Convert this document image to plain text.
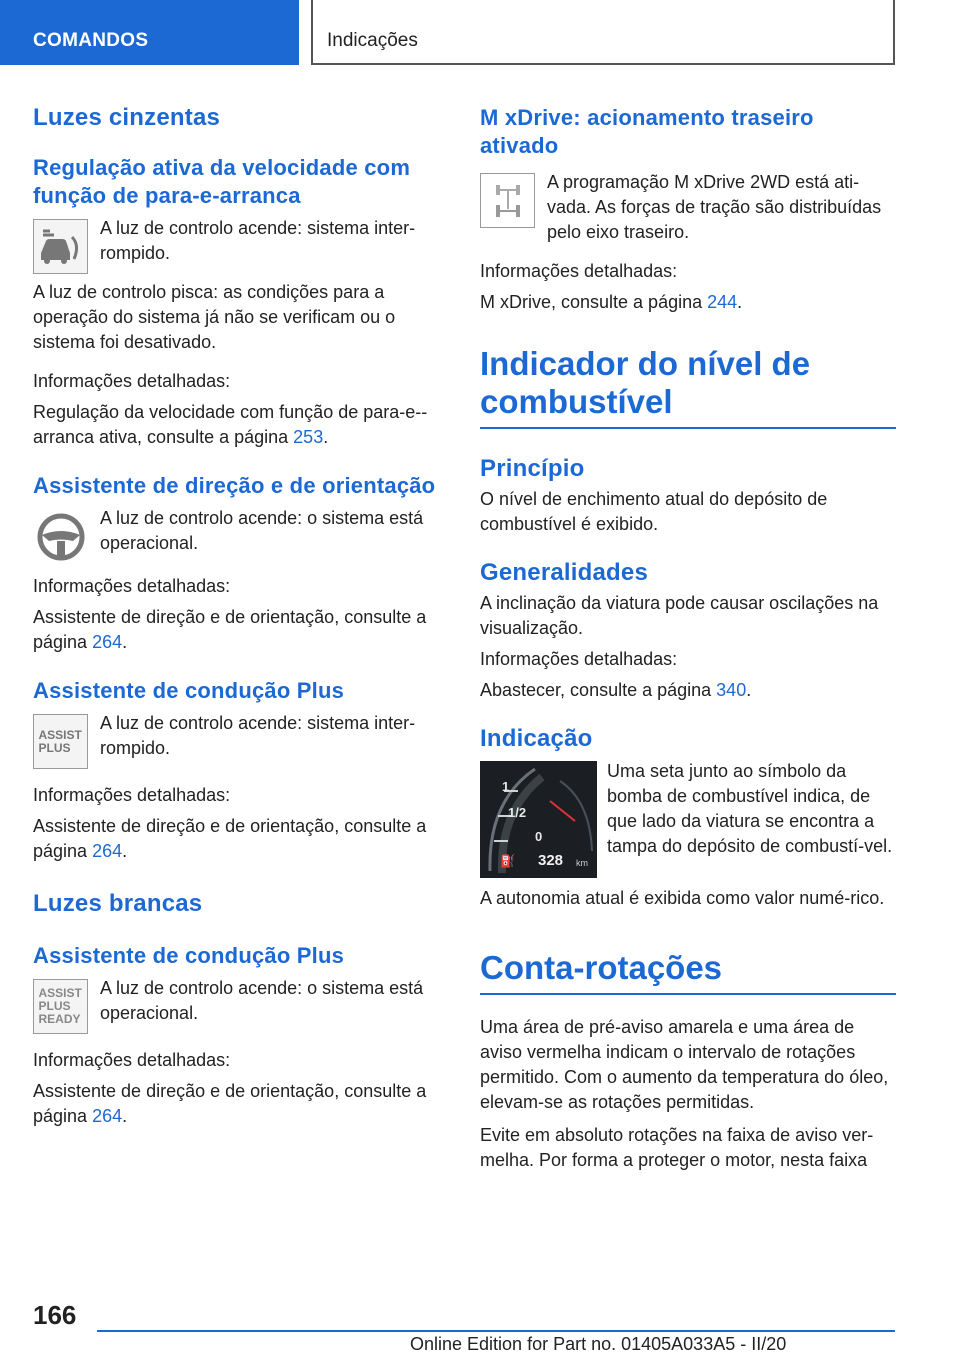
COMANDOS	Indicações
Luzes cinzentas
Regulação ativa da velocidade com função de para-e-arranca

A luz de controlo acende: sistema inter-rompido.

A luz de controlo pisca: as condições para a operação do sistema já não se verificam ou o sistema foi desativado.

Informações detalhadas:

Regulação da velocidade com função de para-e--arranca ativa, consulte a página 253.

Assistente de direção e de orientação

A luz de controlo acende: o sistema está operacional.

Informações detalhadas:

Assistente de direção e de orientação, consulte a página 264.

Assistente de condução Plus
ASSIST PLUS

A luz de controlo acende: sistema inter-rompido.

Informações detalhadas:

Assistente de direção e de orientação, consulte a página 264.

Luzes brancas
Assistente de condução Plus
ASSIST PLUS READY

A luz de controlo acende: o sistema está operacional.

Informações detalhadas:

Assistente de direção e de orientação, consulte a página 264.

M xDrive: acionamento traseiro ativado

A programação M xDrive 2WD está ati-vada. As forças de tração são distribuídas pelo eixo traseiro.

Informações detalhadas:

M xDrive, consulte a página 244.

Indicador do nível de combustível
Princípio

O nível de enchimento atual do depósito de combustível é exibido.

Generalidades

A inclinação da viatura pode causar oscilações na visualização.

Informações detalhadas:

Abastecer, consulte a página 340.

Indicação
1
1/2
0
⛽ 328 km

Uma seta junto ao símbolo da bomba de combustível indica, de que lado da viatura se encontra a tampa do depósito de combustí-vel.

A autonomia atual é exibida como valor numé-rico.

Conta-rotações

Uma área de pré-aviso amarela e uma área de aviso vermelha indicam o intervalo de rotações permitido. Com o aumento da temperatura do óleo, elevam-se as rotações permitidas.

Evite em absoluto rotações na faixa de aviso ver-melha. Por forma a proteger o motor, nesta faixa

166
Online Edition for Part no. 01405A033A5 - II/20
